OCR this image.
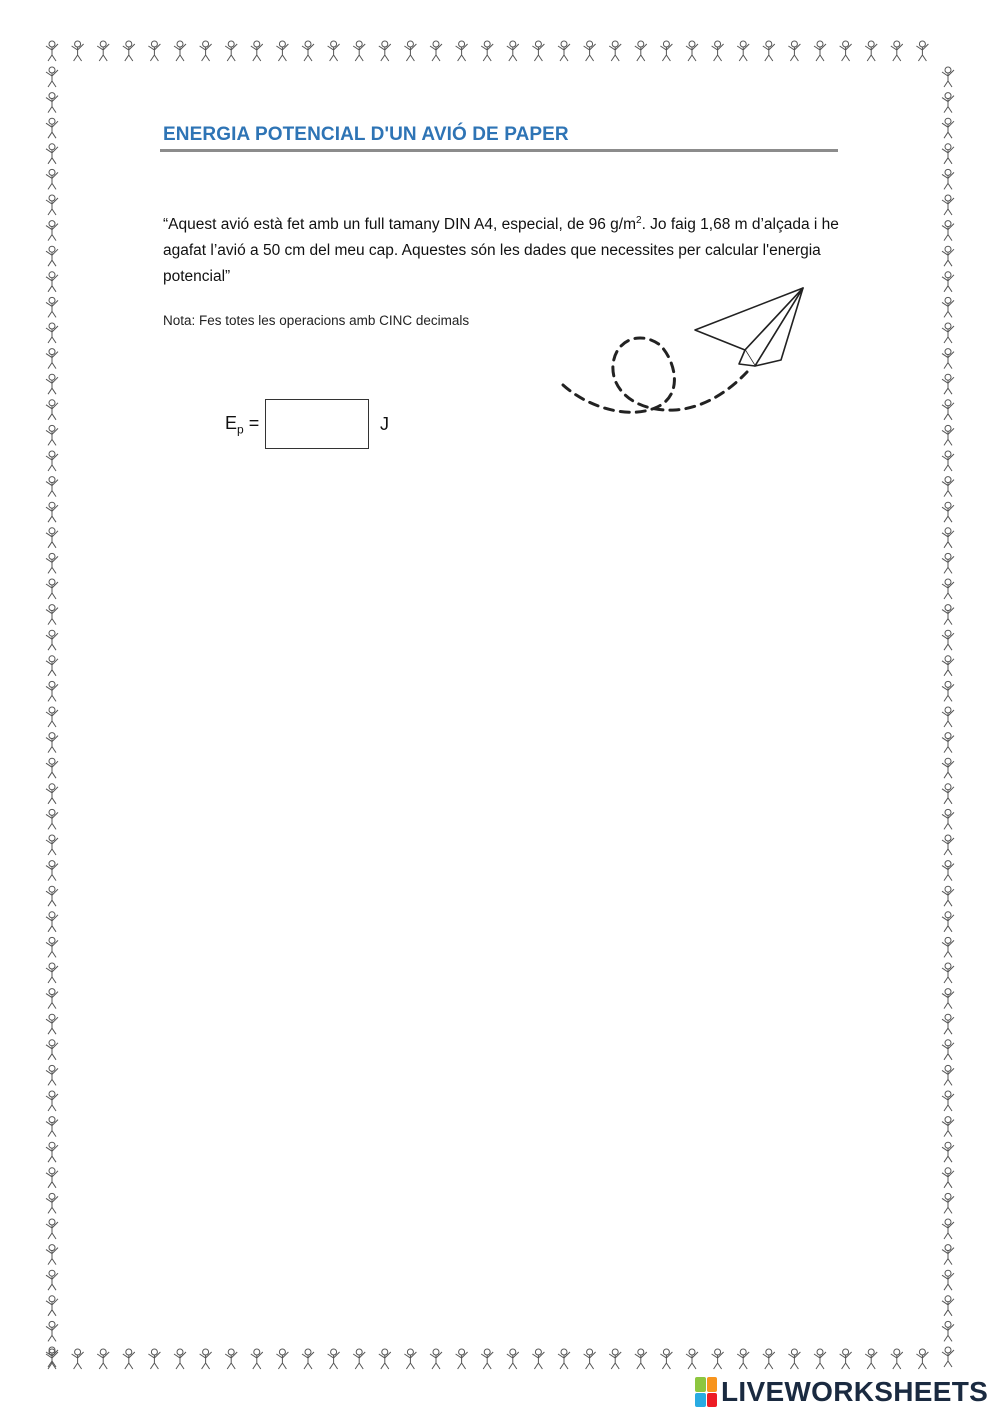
ENERGIA POTENCIAL D'UN AVIÓ DE PAPER

“Aquest avió està fet amb un full tamany DIN A4, especial, de 96 $g/m^2$. Jo faig 1,68 m d’alçada i he agafat l’avió a 50 cm del meu cap. Aquestes són les dades que necessites per calcular l'energia potencial”

Nota: Fes totes les operacions amb CINC decimals

$E_p$ =	J
LIVEWORKSHEETS
